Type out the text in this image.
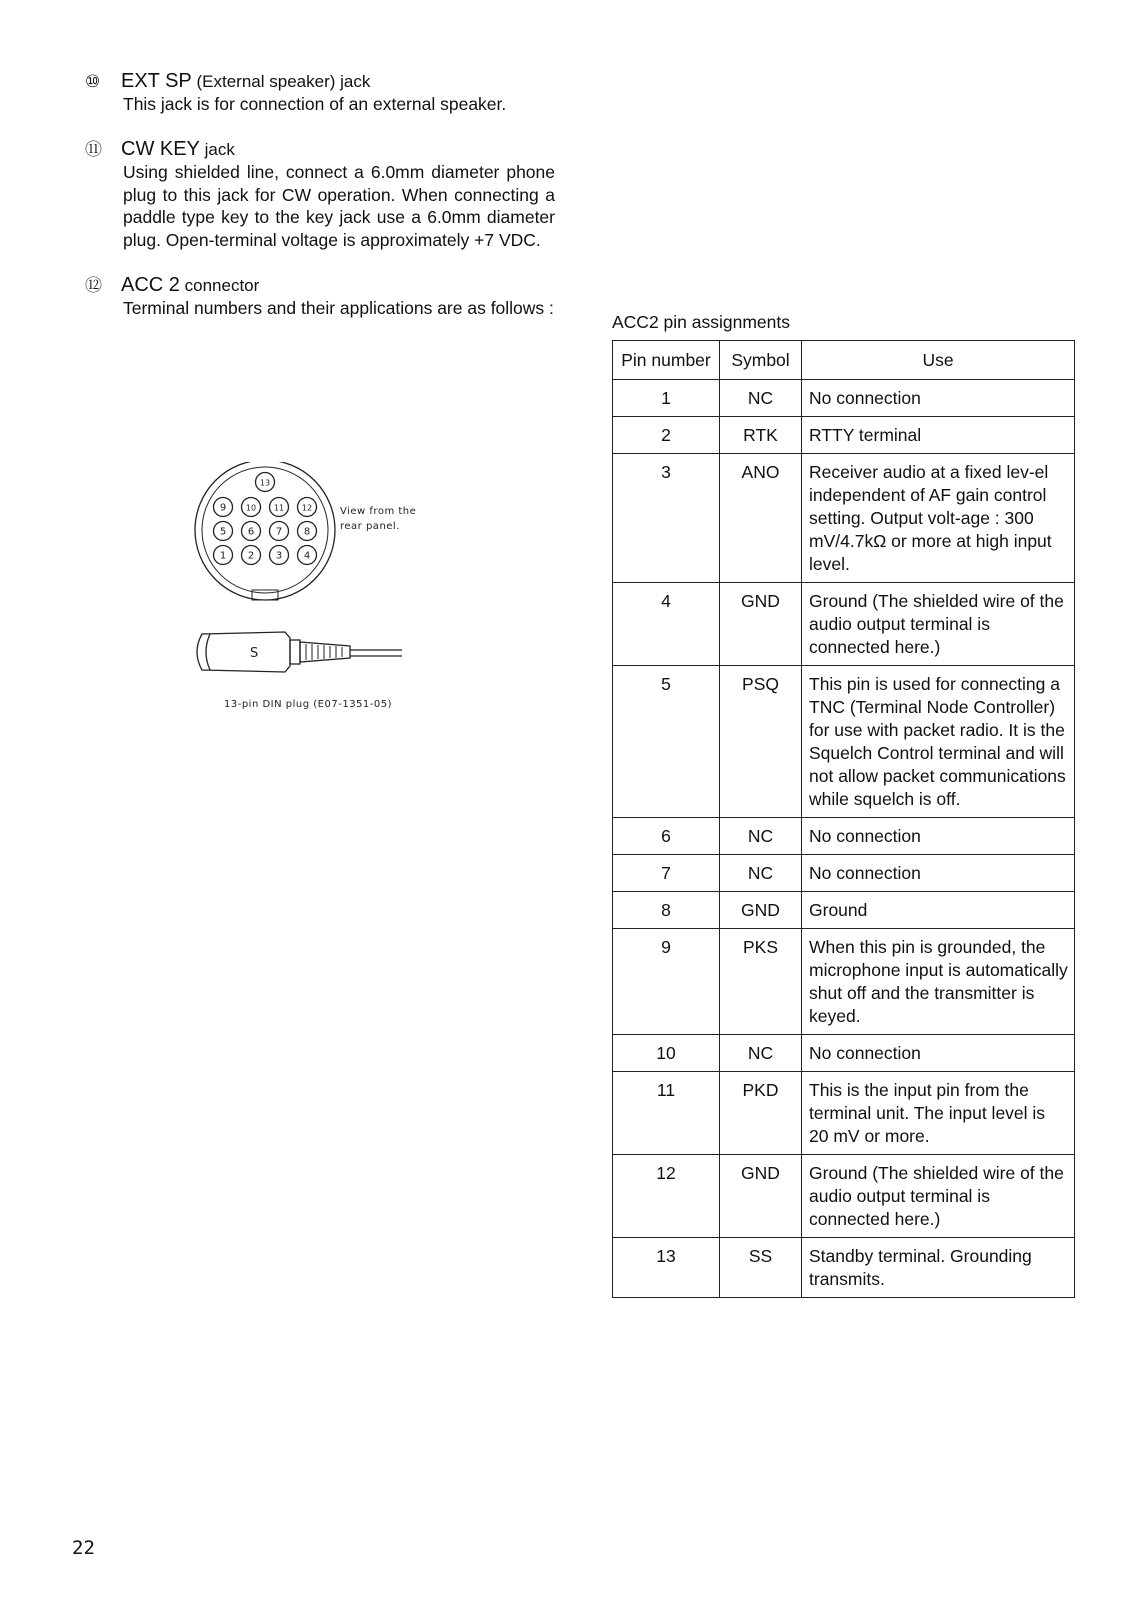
⑩ EXT SP (External speaker) jack
This jack is for connection of an external speaker.
⑪ CW KEY jack
Using shielded line, connect a 6.0mm diameter phone plug to this jack for CW operation. When connecting a paddle type key to the key jack use a 6.0mm diameter plug. Open-terminal voltage is approximately +7 VDC.
⑫ ACC 2 connector
Terminal numbers and their applications are as follows :
1 2 3 4
5 6 7 8
9 10 11 12
13
View from the
rear panel.
S
13-pin DIN plug (E07-1351-05)
ACC2 pin assignments
Pin number	Symbol	Use
1	NC	No connection
2	RTK	RTTY terminal
3	ANO	Receiver audio at a fixed lev-el independent of AF gain control setting. Output volt-age : 300 mV/4.7kΩ or more at high input level.
4	GND	Ground (The shielded wire of the audio output terminal is connected here.)
5	PSQ	This pin is used for connecting a TNC (Terminal Node Controller) for use with packet radio. It is the Squelch Control terminal and will not allow packet communications while squelch is off.
6	NC	No connection
7	NC	No connection
8	GND	Ground
9	PKS	When this pin is grounded, the microphone input is automatically shut off and the transmitter is keyed.
10	NC	No connection
11	PKD	This is the input pin from the terminal unit. The input level is 20 mV or more.
12	GND	Ground (The shielded wire of the audio output terminal is connected here.)
13	SS	Standby terminal. Grounding transmits.
22
